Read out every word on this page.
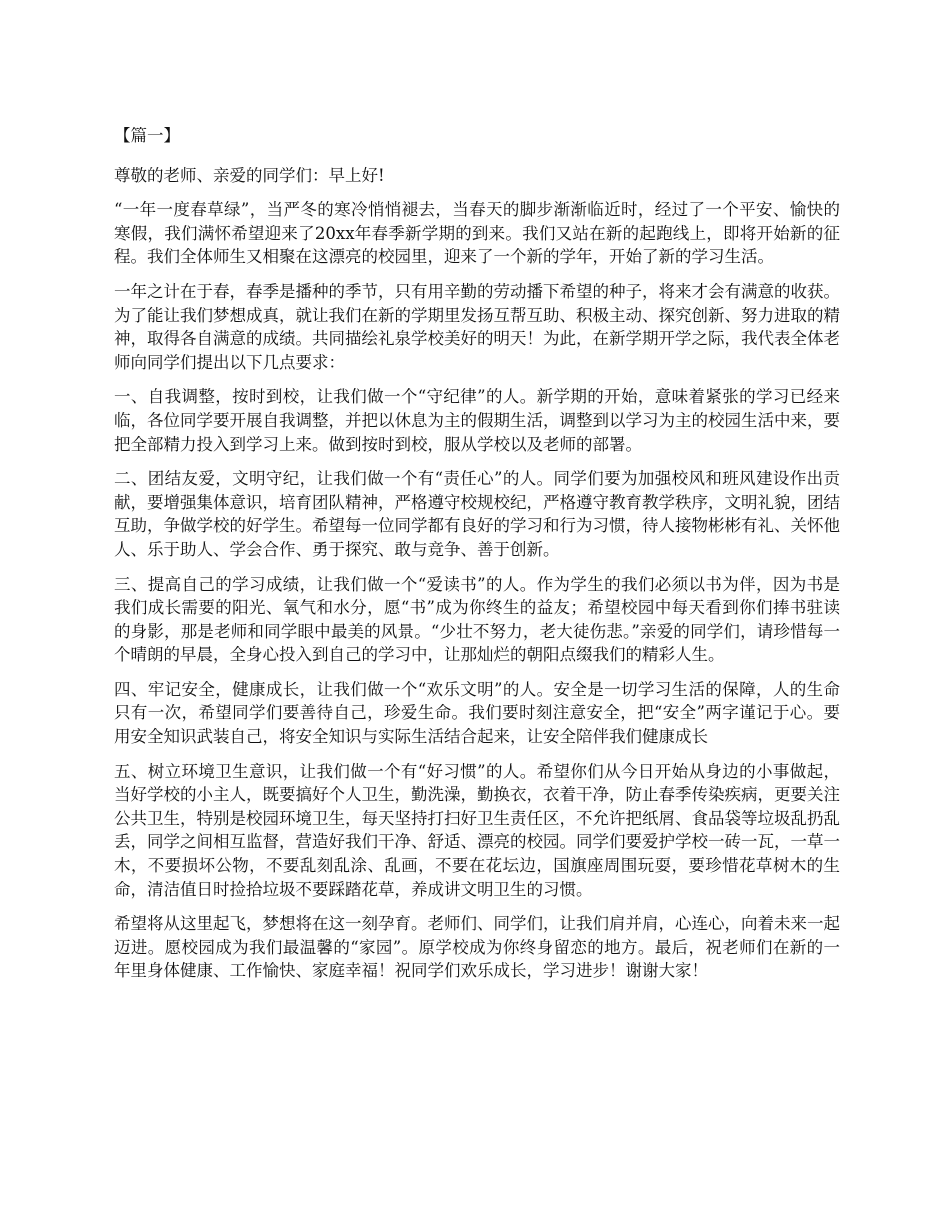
【篇一】
尊敬的老师、亲爱的同学们：早上好!
“一年一度春草绿”，当严冬的寒冷悄悄褪去，当春天的脚步渐渐临近时，经过了一个平安、愉快的寒假，我们满怀希望迎来了20xx年春季新学期的到来。我们又站在新的起跑线上，即将开始新的征程。我们全体师生又相聚在这漂亮的校园里，迎来了一个新的学年，开始了新的学习生活。
一年之计在于春，春季是播种的季节，只有用辛勤的劳动播下希望的种子，将来才会有满意的收获。为了能让我们梦想成真，就让我们在新的学期里发扬互帮互助、积极主动、探究创新、努力进取的精神，取得各自满意的成绩。共同描绘礼泉学校美好的明天！为此，在新学期开学之际，我代表全体老师向同学们提出以下几点要求：
一、自我调整，按时到校，让我们做一个“守纪律”的人。新学期的开始，意味着紧张的学习已经来临，各位同学要开展自我调整，并把以休息为主的假期生活，调整到以学习为主的校园生活中来，要把全部精力投入到学习上来。做到按时到校，服从学校以及老师的部署。
二、团结友爱，文明守纪，让我们做一个有“责任心”的人。同学们要为加强校风和班风建设作出贡献，要增强集体意识，培育团队精神，严格遵守校规校纪，严格遵守教育教学秩序，文明礼貌，团结互助，争做学校的好学生。希望每一位同学都有良好的学习和行为习惯，待人接物彬彬有礼、关怀他人、乐于助人、学会合作、勇于探究、敢与竞争、善于创新。
三、提高自己的学习成绩，让我们做一个“爱读书”的人。作为学生的我们必须以书为伴，因为书是我们成长需要的阳光、氧气和水分，愿“书”成为你终生的益友；希望校园中每天看到你们捧书驻读的身影，那是老师和同学眼中最美的风景。“少壮不努力，老大徒伤悲。”亲爱的同学们，请珍惜每一个晴朗的早晨，全身心投入到自己的学习中，让那灿烂的朝阳点缀我们的精彩人生。
四、牢记安全，健康成长，让我们做一个“欢乐文明”的人。安全是一切学习生活的保障，人的生命只有一次，希望同学们要善待自己，珍爱生命。我们要时刻注意安全，把“安全”两字谨记于心。要用安全知识武装自己，将安全知识与实际生活结合起来，让安全陪伴我们健康成长
五、树立环境卫生意识，让我们做一个有“好习惯”的人。希望你们从今日开始从身边的小事做起，当好学校的小主人，既要搞好个人卫生，勤洗澡，勤换衣，衣着干净，防止春季传染疾病，更要关注公共卫生，特别是校园环境卫生，每天坚持打扫好卫生责任区，不允许把纸屑、食品袋等垃圾乱扔乱丢，同学之间相互监督，营造好我们干净、舒适、漂亮的校园。同学们要爱护学校一砖一瓦，一草一木，不要损坏公物，不要乱刻乱涂、乱画，不要在花坛边，国旗座周围玩耍，要珍惜花草树木的生命，清洁值日时捡拾垃圾不要踩踏花草，养成讲文明卫生的习惯。
希望将从这里起飞，梦想将在这一刻孕育。老师们、同学们，让我们肩并肩，心连心，向着未来一起迈进。愿校园成为我们最温馨的“家园”。原学校成为你终身留恋的地方。最后，祝老师们在新的一年里身体健康、工作愉快、家庭幸福！祝同学们欢乐成长，学习进步！谢谢大家！
